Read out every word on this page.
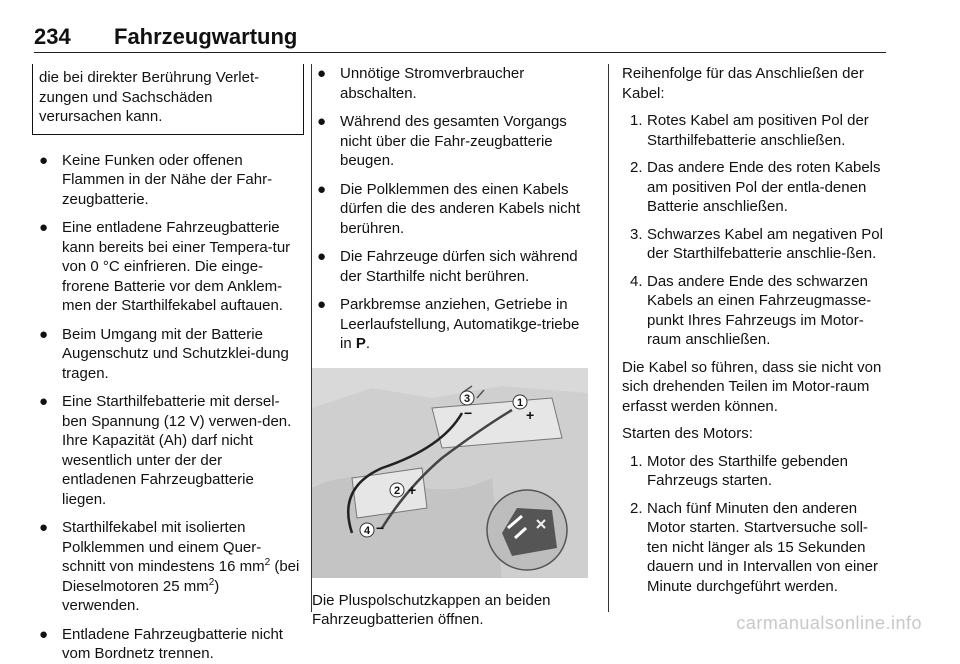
234 Fahrzeugwartung

die bei direkter Berührung Verlet-zungen und Sachschäden verursachen kann.

● Keine Funken oder offenen Flammen in der Nähe der Fahr-zeugbatterie.
● Eine entladene Fahrzeugbatterie kann bereits bei einer Tempera-tur von 0 °C einfrieren. Die einge-frorene Batterie vor dem Anklem-men der Starthilfekabel auftauen.
● Beim Umgang mit der Batterie Augenschutz und Schutzklei-dung tragen.
● Eine Starthilfebatterie mit dersel-ben Spannung (12 V) verwen-den. Ihre Kapazität (Ah) darf nicht wesentlich unter der der entladenen Fahrzeugbatterie liegen.
● Starthilfekabel mit isolierten Polklemmen und einem Quer-schnitt von mindestens 16 $mm^2$ (bei Dieselmotoren 25 $mm^2$) verwenden.
● Entladene Fahrzeugbatterie nicht vom Bordnetz trennen.
● Unnötige Stromverbraucher abschalten.
● Während des gesamten Vorgangs nicht über die Fahr-zeugbatterie beugen.
● Die Polklemmen des einen Kabels dürfen die des anderen Kabels nicht berühren.
● Die Fahrzeuge dürfen sich während der Starthilfe nicht berühren.
● Parkbremse anziehen, Getriebe in Leerlaufstellung, Automatikge-triebe in P.
1
+
3
−
2 +
4 −

Die Pluspolschutzkappen an beiden Fahrzeugbatterien öffnen.

Reihenfolge für das Anschließen der Kabel:

1. Rotes Kabel am positiven Pol der Starthilfebatterie anschließen.
2. Das andere Ende des roten Kabels am positiven Pol der entla-denen Batterie anschließen.
3. Schwarzes Kabel am negativen Pol der Starthilfebatterie anschlie-ßen.
4. Das andere Ende des schwarzen Kabels an einen Fahrzeugmasse-punkt Ihres Fahrzeugs im Motor-raum anschließen.

Die Kabel so führen, dass sie nicht von sich drehenden Teilen im Motor-raum erfasst werden können.

Starten des Motors:

1. Motor des Starthilfe gebenden Fahrzeugs starten.
2. Nach fünf Minuten den anderen Motor starten. Startversuche soll-ten nicht länger als 15 Sekunden dauern und in Intervallen von einer Minute durchgeführt werden.
carmanualsonline.info
